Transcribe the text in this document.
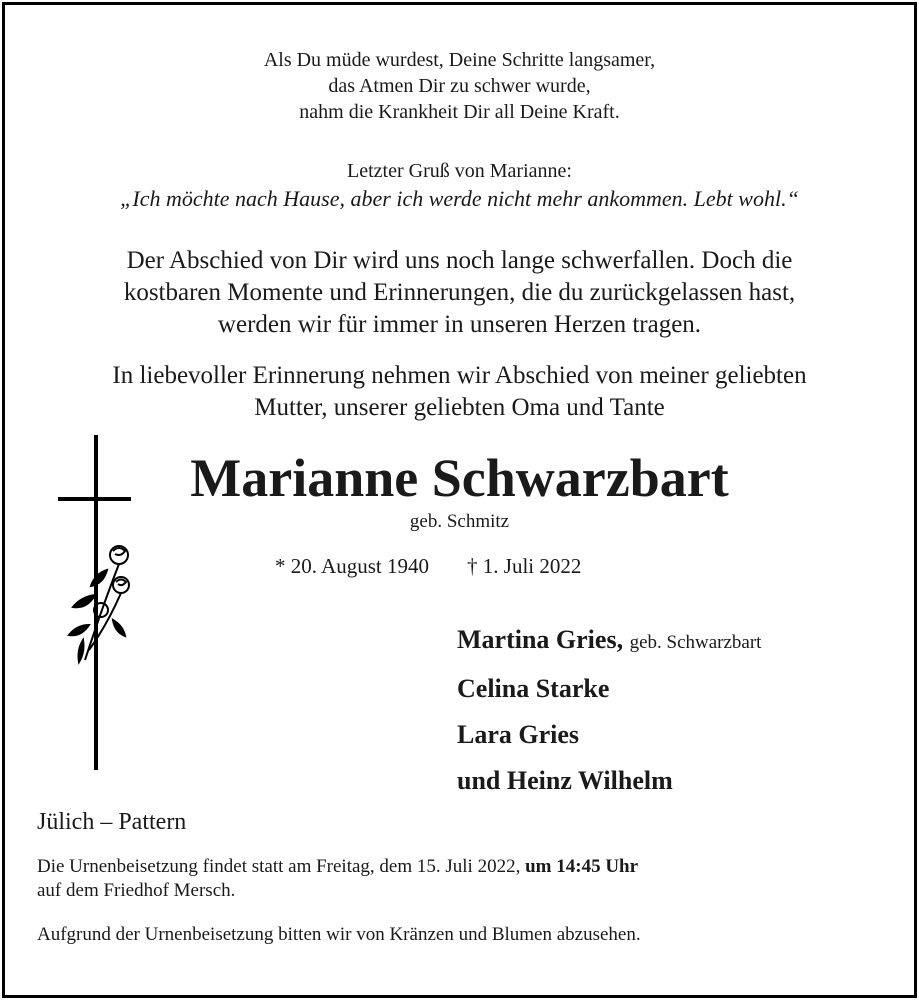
Als Du müde wurdest, Deine Schritte langsamer,
das Atmen Dir zu schwer wurde,
nahm die Krankheit Dir all Deine Kraft.
Letzter Gruß von Marianne:
„Ich möchte nach Hause, aber ich werde nicht mehr ankommen. Lebt wohl.“
Der Abschied von Dir wird uns noch lange schwerfallen. Doch die
kostbaren Momente und Erinnerungen, die du zurückgelassen hast,
werden wir für immer in unseren Herzen tragen.
In liebevoller Erinnerung nehmen wir Abschied von meiner geliebten
Mutter, unserer geliebten Oma und Tante
Marianne Schwarzbart
geb. Schmitz
* 20. August 1940 † 1. Juli 2022
Martina Gries, geb. Schwarzbart
Celina Starke
Lara Gries
und Heinz Wilhelm
Jülich – Pattern
Die Urnenbeisetzung findet statt am Freitag, dem 15. Juli 2022, um 14:45 Uhr
auf dem Friedhof Mersch.
Aufgrund der Urnenbeisetzung bitten wir von Kränzen und Blumen abzusehen.
